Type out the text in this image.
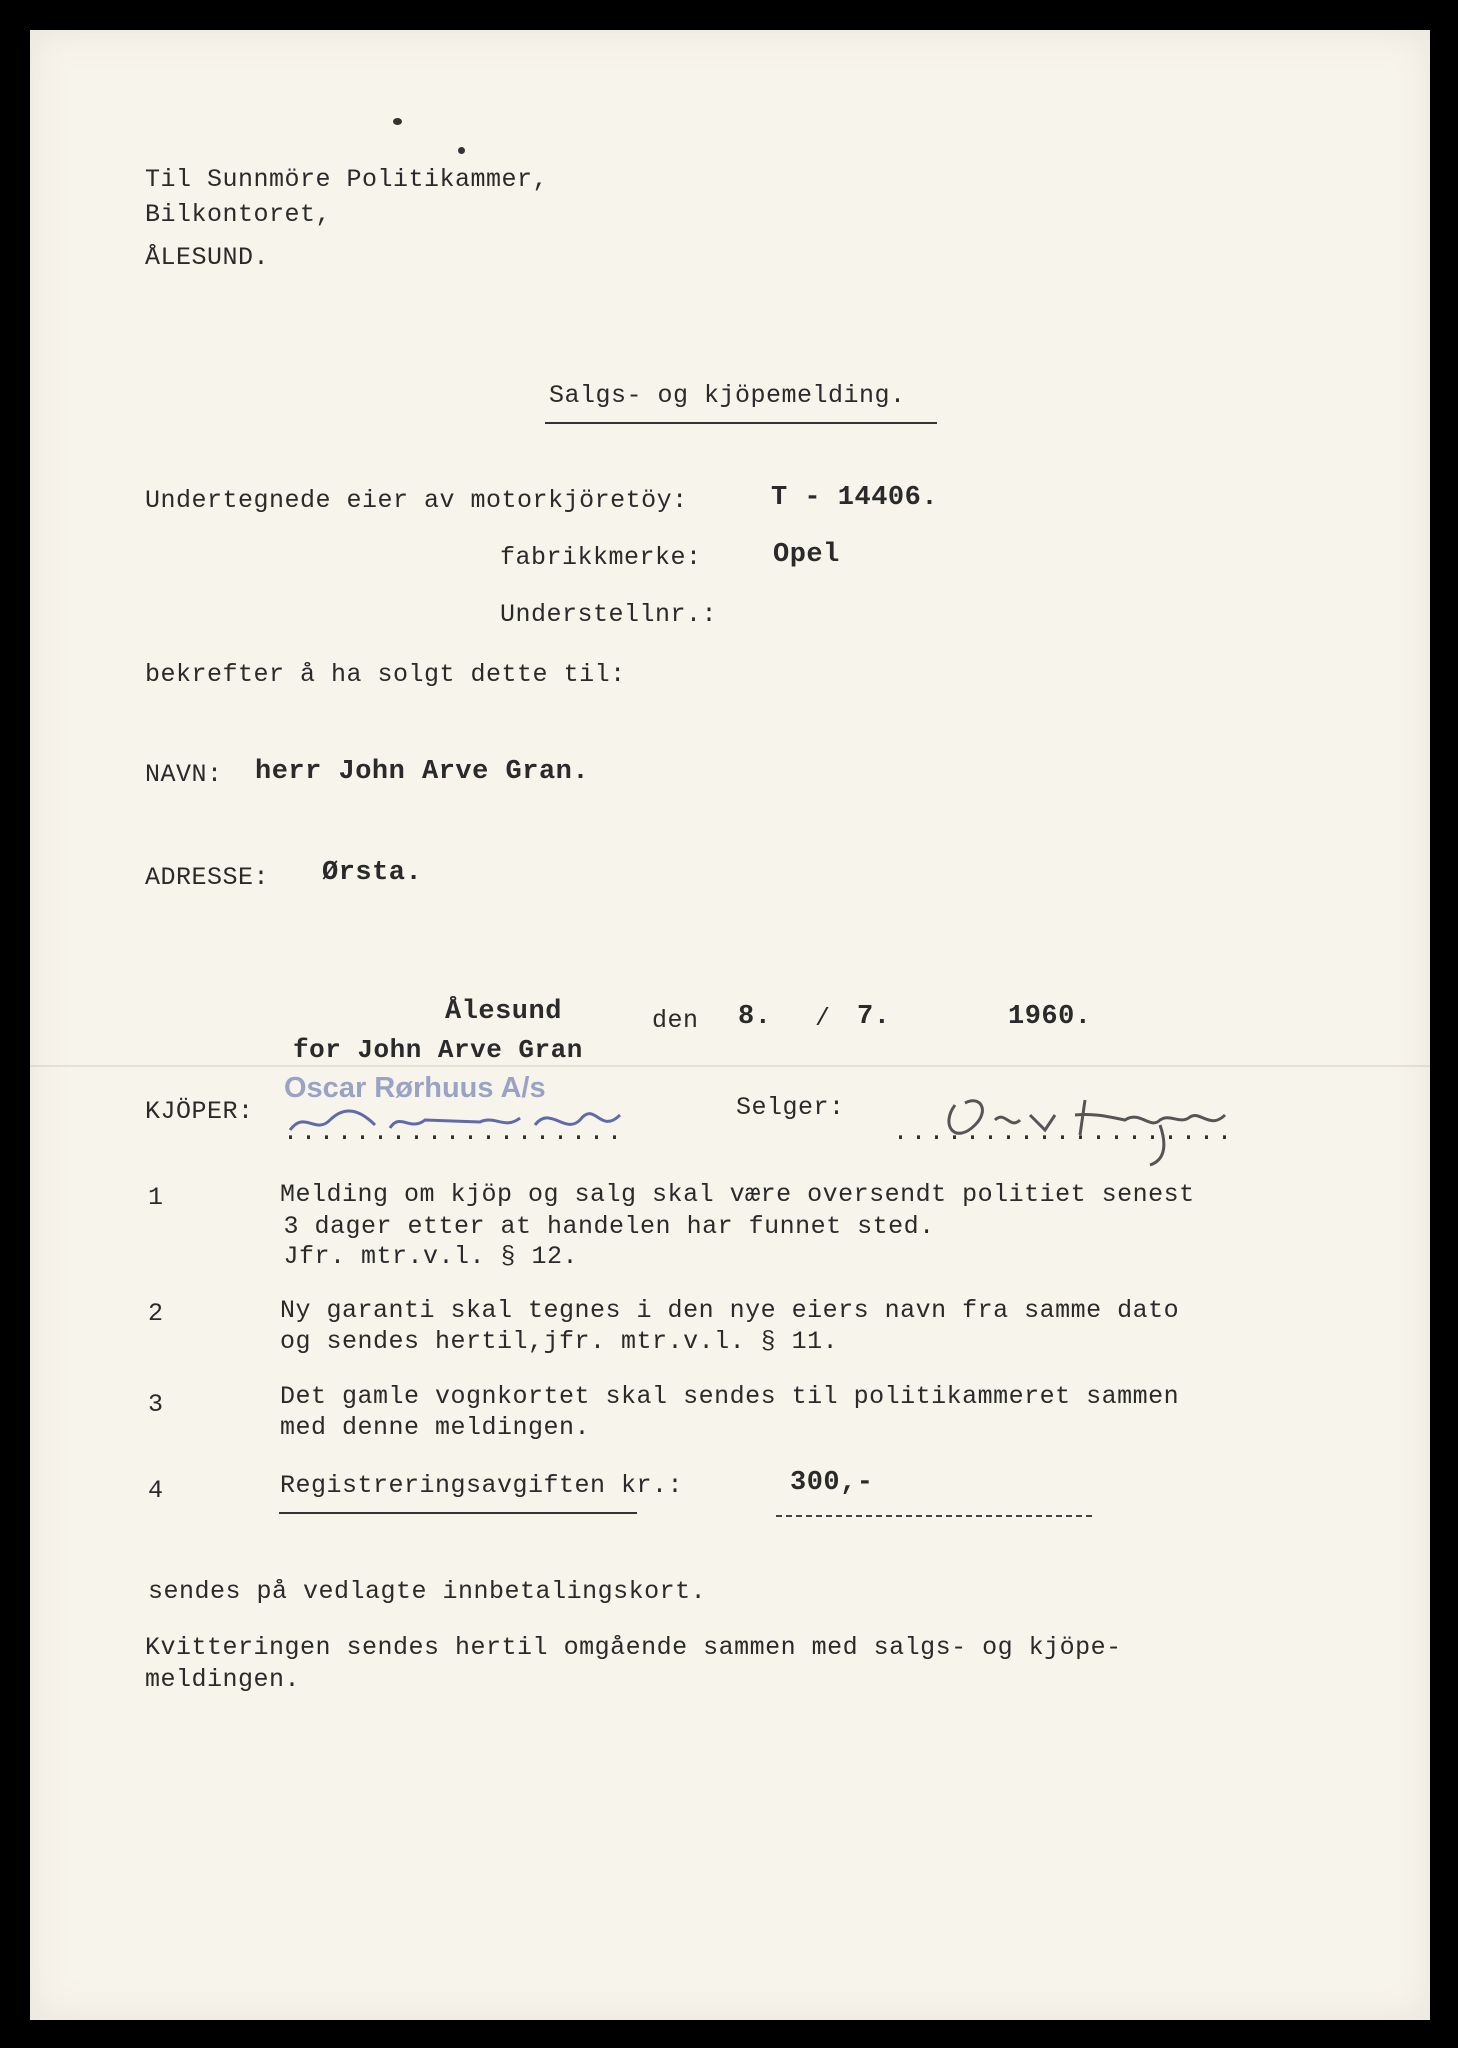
Til Sunnmöre Politikammer,
Bilkontoret,
ÅLESUND.
Salgs- og kjöpemelding.
Undertegnede eier av motorkjöretöy:	T - 14406.
fabrikkmerke:	Opel
Understellnr.:
bekrefter å ha solgt dette til:
NAVN: herr John Arve Gran.
ADRESSE: Ørsta.
Ålesund	den 8. / 7.	1960.
for John Arve Gran
KJÖPER:
Oscar Rørhuus A/s
...................
Selger:
...................
1	Melding om kjöp og salg skal være oversendt politiet senest
3 dager etter at handelen har funnet sted.
Jfr. mtr.v.l. § 12.
2	Ny garanti skal tegnes i den nye eiers navn fra samme dato
og sendes hertil,jfr. mtr.v.l. § 11.
3	Det gamle vognkortet skal sendes til politikammeret sammen
med denne meldingen.
4	Registreringsavgiften kr.:	300,-
sendes på vedlagte innbetalingskort.
Kvitteringen sendes hertil omgående sammen med salgs- og kjöpe-
meldingen.
